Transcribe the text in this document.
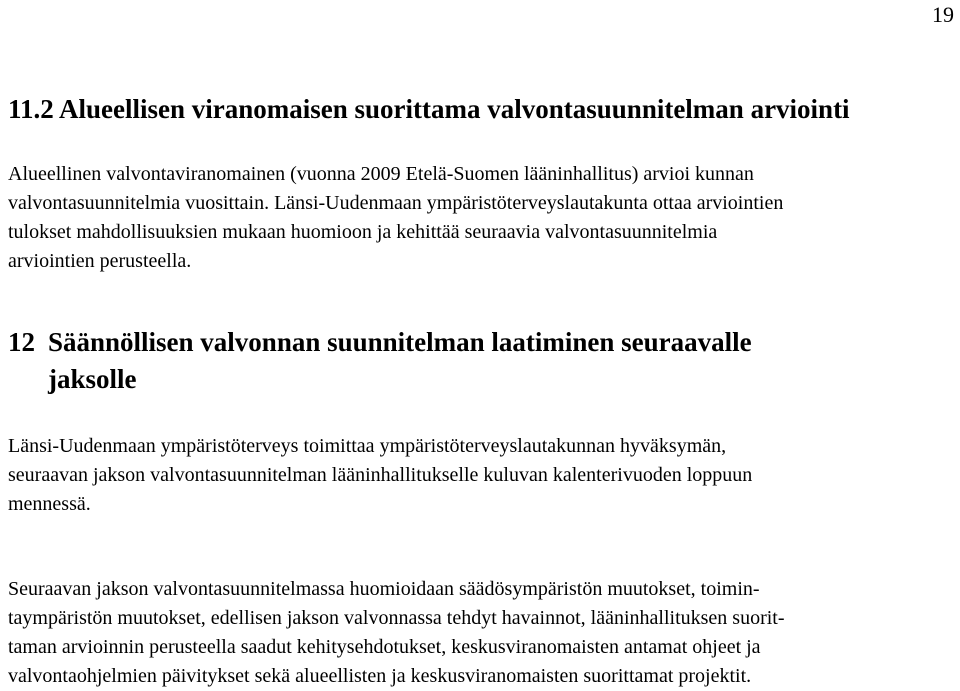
19
11.2 Alueellisen viranomaisen suorittama valvontasuunnitelman arviointi

Alueellinen valvontaviranomainen (vuonna 2009 Etelä-Suomen lääninhallitus) arvioi kunnan
valvontasuunnitelmia vuosittain. Länsi-Uudenmaan ympäristöterveyslautakunta ottaa arviointien
tulokset mahdollisuuksien mukaan huomioon ja kehittää seuraavia valvontasuunnitelmia
arviointien perusteella.

12 Säännöllisen valvonnan suunnitelman laatiminen seuraavalle
jaksolle

Länsi-Uudenmaan ympäristöterveys toimittaa ympäristöterveyslautakunnan hyväksymän,
seuraavan jakson valvontasuunnitelman lääninhallitukselle kuluvan kalenterivuoden loppuun
mennessä.

Seuraavan jakson valvontasuunnitelmassa huomioidaan säädösympäristön muutokset, toimin-
taympäristön muutokset, edellisen jakson valvonnassa tehdyt havainnot, lääninhallituksen suorit-
taman arvioinnin perusteella saadut kehitysehdotukset, keskusviranomaisten antamat ohjeet ja
valvontaohjelmien päivitykset sekä alueellisten ja keskusviranomaisten suorittamat projektit.
